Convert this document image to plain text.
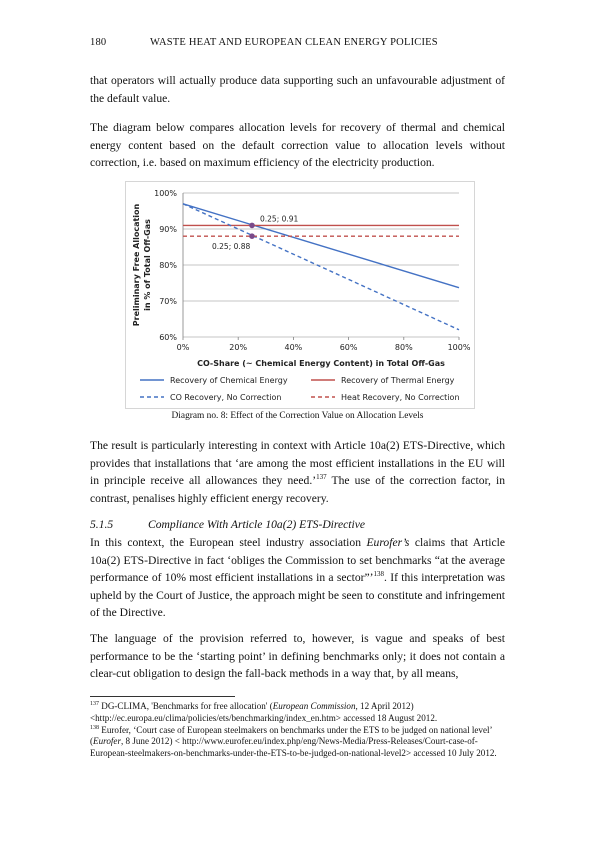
180	WASTE HEAT AND EUROPEAN CLEAN ENERGY POLICIES

that operators will actually produce data supporting such an unfavourable adjustment of the default value.

The diagram below compares allocation levels for recovery of thermal and chemical energy content based on the default correction value to allocation levels without correction, i.e. based on maximum efficiency of the electricity production.

60%
70%
80%
90%
100%
0%	20%	40%	60%	80%	100%
CO-Share (~ Chemical Energy Content) in Total Off-Gas
Preliminary Free Allocation in % of Total Off-Gas
0.25; 0.91
0.25; 0.88
Recovery of Chemical Energy	Recovery of Thermal Energy
CO Recovery, No Correction	Heat Recovery, No Correction
Diagram no. 8: Effect of the Correction Value on Allocation Levels

The result is particularly interesting in context with Article 10a(2) ETS-Directive, which provides that installations that ‘are among the most efficient installations in the EU will in principle receive all allowances they need.’$^{137}$ The use of the correction factor, in contrast, penalises highly efficient energy recovery.

5.1.5	Compliance With Article 10a(2) ETS-Directive

In this context, the European steel industry association Eurofer’s claims that Article 10a(2) ETS-Directive in fact ‘obliges the Commission to set benchmarks “at the average performance of 10% most efficient installations in a sector”’$^{138}$. If this interpretation was upheld by the Court of Justice, the approach might be seen to constitute and infringement of the Directive.

The language of the provision referred to, however, is vague and speaks of best performance to be the ‘starting point’ in defining benchmarks only; it does not contain a clear-cut obligation to design the fall-back methods in a way that, by all means,

$^{137}$ DG-CLIMA, 'Benchmarks for free allocation' (European Commission, 12 April 2012) <http://ec.europa.eu/clima/policies/ets/benchmarking/index_en.htm> accessed 18 August 2012.

$^{138}$ Eurofer, ‘Court case of European steelmakers on benchmarks under the ETS to be judged on national level’ (Eurofer, 8 June 2012) < http://www.eurofer.eu/index.php/eng/News-Media/Press-Releases/Court-case-of-European-steelmakers-on-benchmarks-under-the-ETS-to-be-judged-on-national-level2> accessed 10 July 2012.
